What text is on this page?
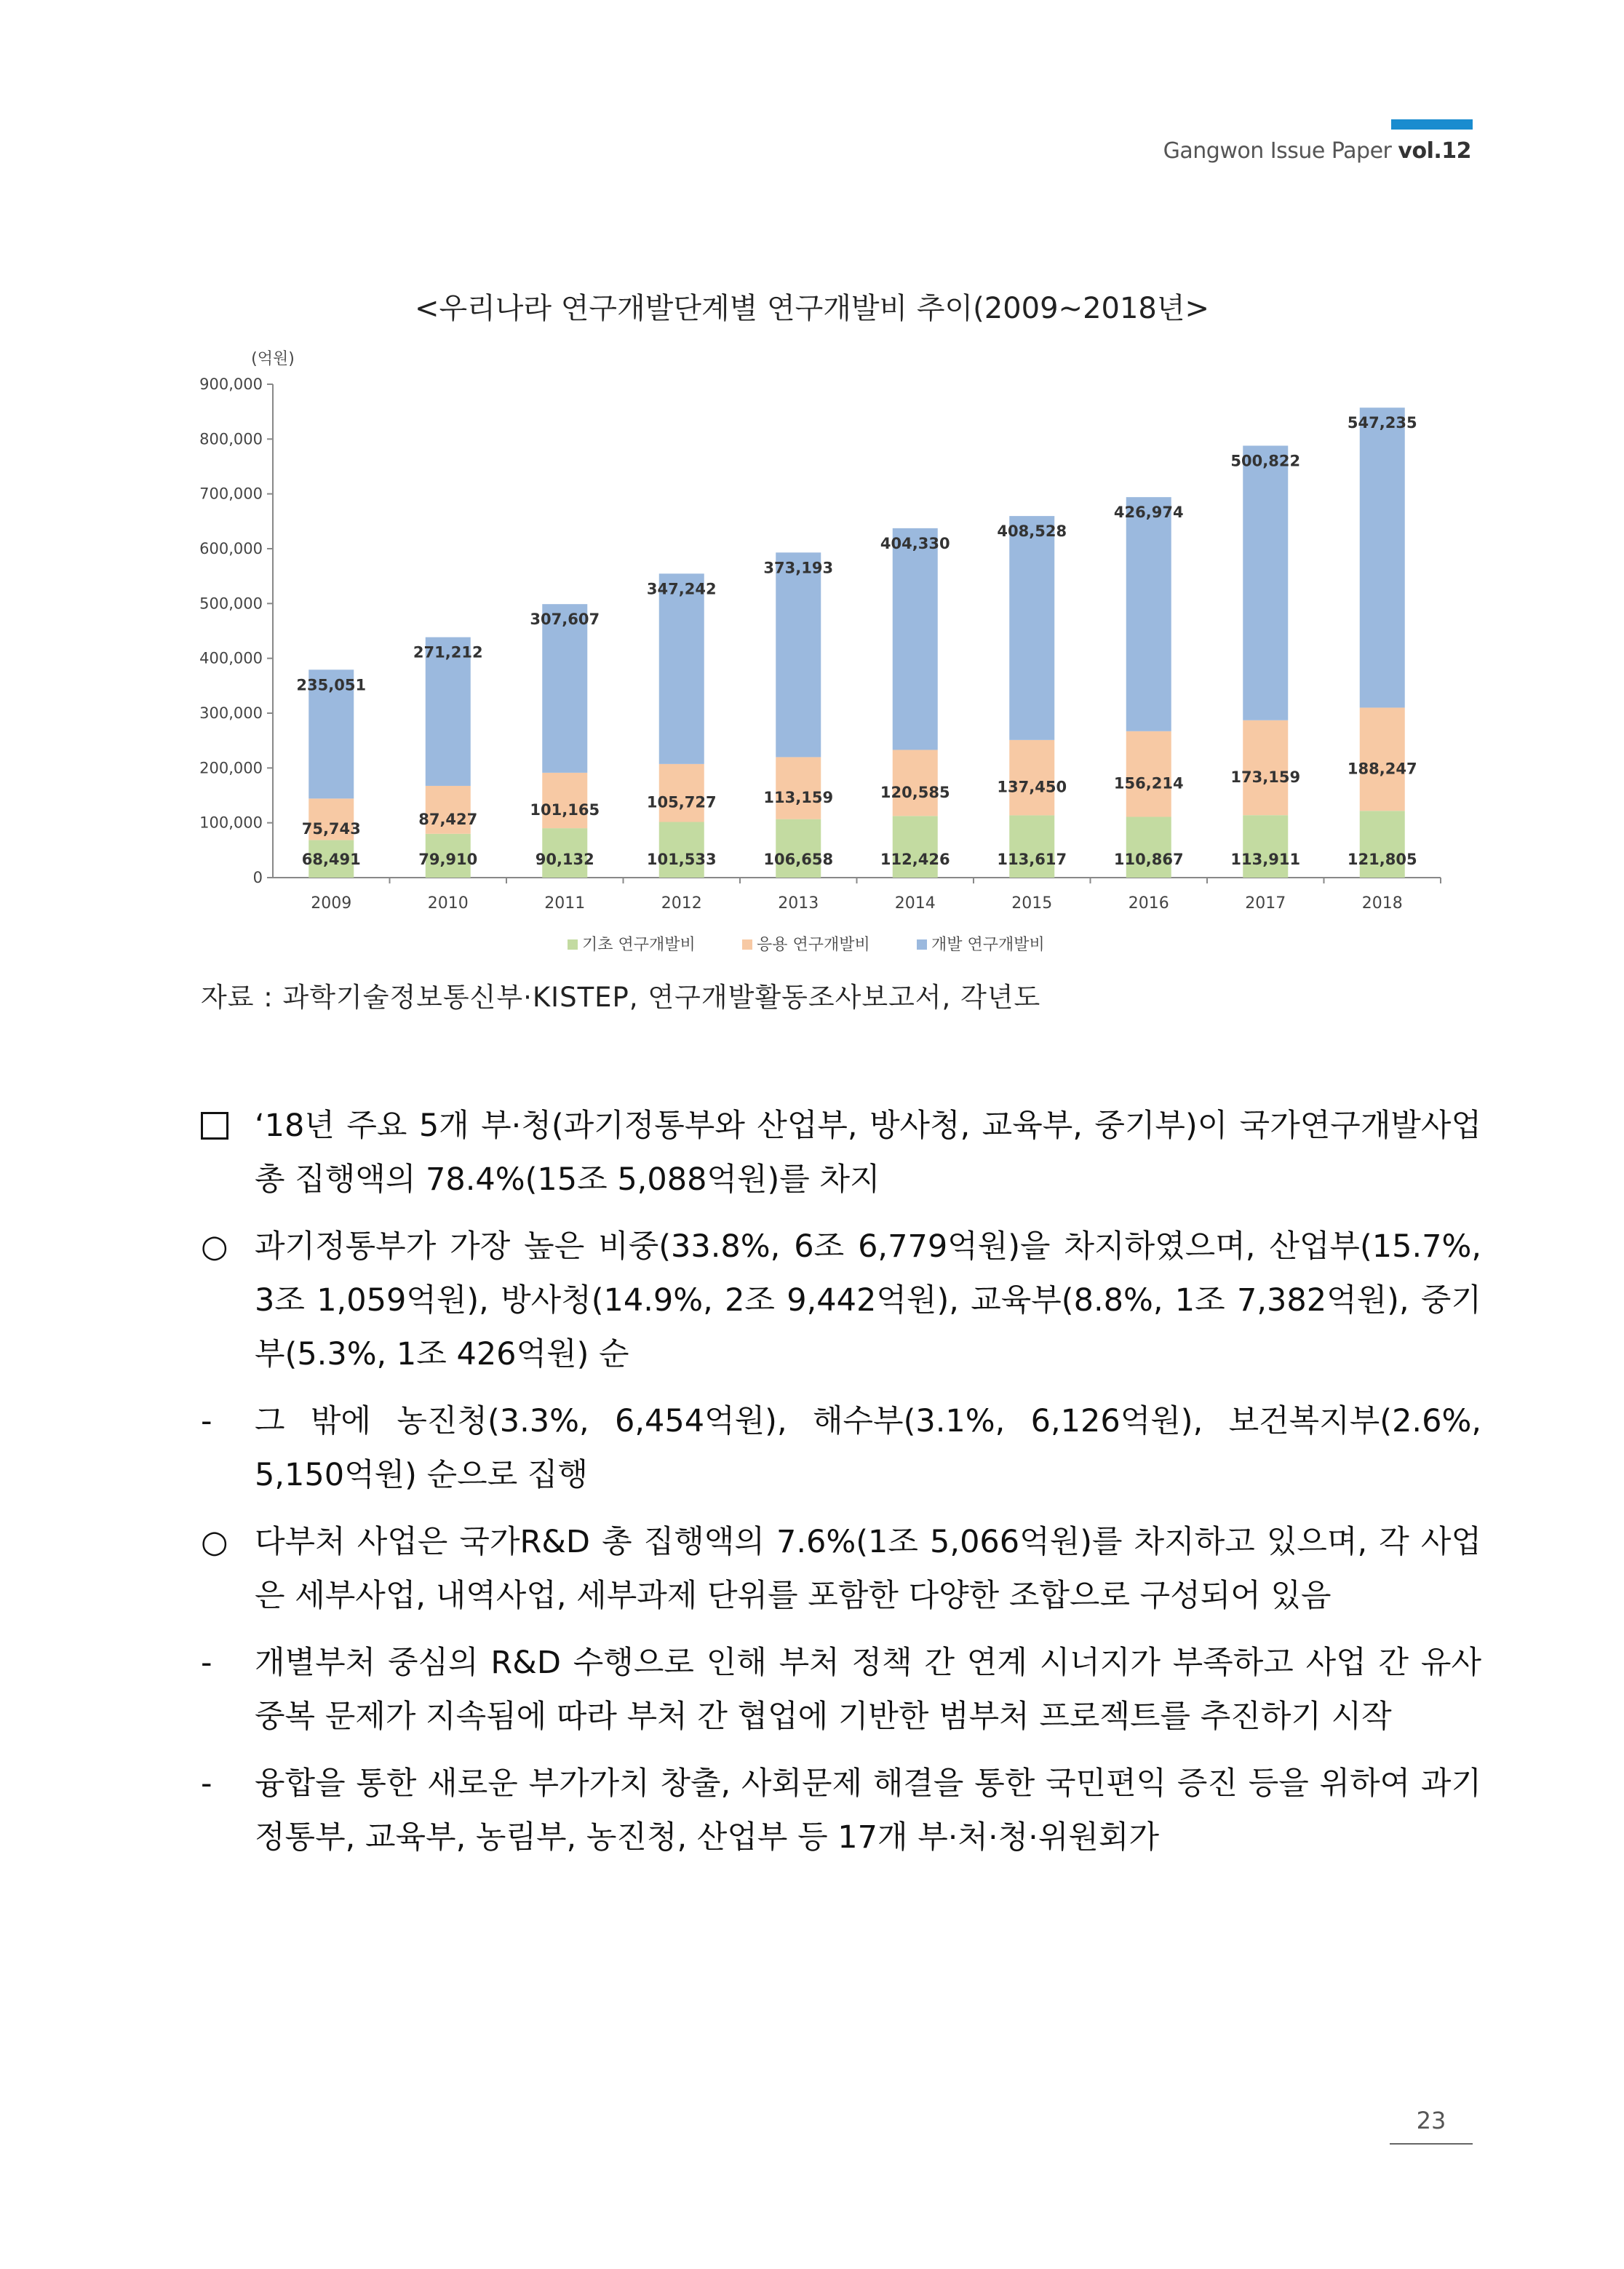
Gangwon Issue Paper vol.12
<우리나라 연구개발단계별 연구개발비 추이(2009~2018년>
(억원)
0
100,000
200,000
300,000
400,000
500,000
600,000
700,000
800,000
900,000
2009
68,491
75,743
235,051
2010
79,910
87,427
271,212
2011
90,132
101,165
307,607
2012
101,533
105,727
347,242
2013
106,658
113,159
373,193
2014
112,426
120,585
404,330
2015
113,617
137,450
408,528
2016
110,867
156,214
426,974
2017
113,911
173,159
500,822
2018
121,805
188,247
547,235
기초 연구개발비	응용 연구개발비	개발 연구개발비
자료 : 과학기술정보통신부·KISTEP, 연구개발활동조사보고서, 각년도
‘18년 주요 5개 부·청(과기정통부와 산업부, 방사청, 교육부, 중기부)이 국가연구개발사업 총 집행액의 78.4%(15조 5,088억원)를 차지
○ 과기정통부가 가장 높은 비중(33.8%, 6조 6,779억원)을 차지하였으며, 산업부(15.7%, 3조 1,059억원), 방사청(14.9%, 2조 9,442억원), 교육부(8.8%, 1조 7,382억원), 중기부(5.3%, 1조 426억원) 순
-	그 밖에 농진청(3.3%, 6,454억원), 해수부(3.1%, 6,126억원), 보건복지부(2.6%, 5,150억원) 순으로 집행
○ 다부처 사업은 국가R&D 총 집행액의 7.6%(1조 5,066억원)를 차지하고 있으며, 각 사업은 세부사업, 내역사업, 세부과제 단위를 포함한 다양한 조합으로 구성되어 있음
-	개별부처 중심의 R&D 수행으로 인해 부처 정책 간 연계 시너지가 부족하고 사업 간 유사중복 문제가 지속됨에 따라 부처 간 협업에 기반한 범부처 프로젝트를 추진하기 시작
-	융합을 통한 새로운 부가가치 창출, 사회문제 해결을 통한 국민편익 증진 등을 위하여 과기정통부, 교육부, 농림부, 농진청, 산업부 등 17개 부·처·청·위원회가
23
